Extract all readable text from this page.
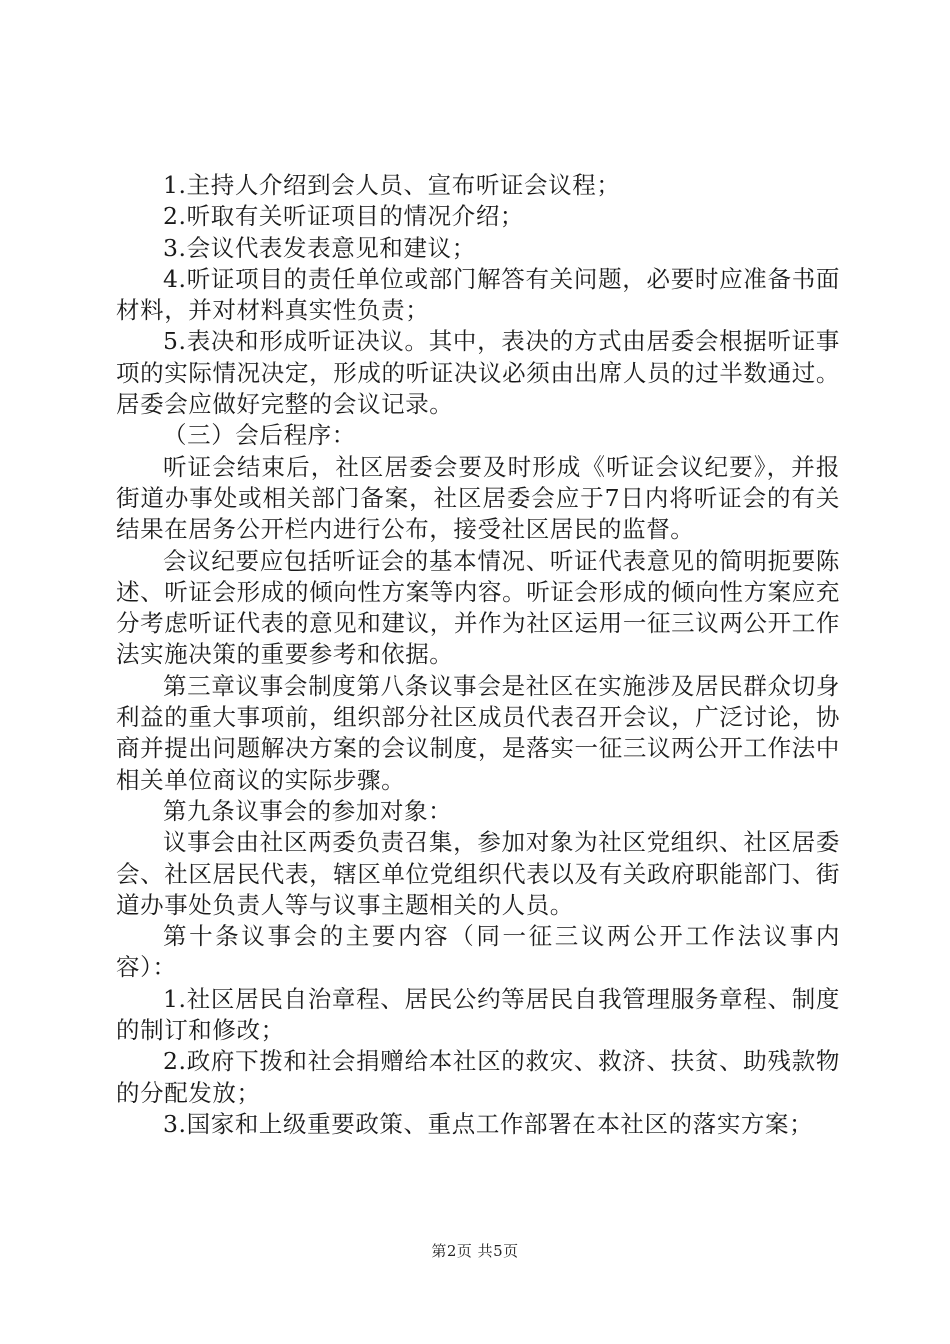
1.主持人介绍到会人员、宣布听证会议程；

2.听取有关听证项目的情况介绍；

3.会议代表发表意见和建议；

4.听证项目的责任单位或部门解答有关问题，必要时应准备书面材料，并对材料真实性负责；

5.表决和形成听证决议。其中，表决的方式由居委会根据听证事项的实际情况决定，形成的听证决议必须由出席人员的过半数通过。居委会应做好完整的会议记录。

（三）会后程序：

听证会结束后，社区居委会要及时形成《听证会议纪要》，并报街道办事处或相关部门备案，社区居委会应于7日内将听证会的有关结果在居务公开栏内进行公布，接受社区居民的监督。

会议纪要应包括听证会的基本情况、听证代表意见的简明扼要陈述、听证会形成的倾向性方案等内容。听证会形成的倾向性方案应充分考虑听证代表的意见和建议，并作为社区运用一征三议两公开工作法实施决策的重要参考和依据。

第三章议事会制度第八条议事会是社区在实施涉及居民群众切身利益的重大事项前，组织部分社区成员代表召开会议，广泛讨论，协商并提出问题解决方案的会议制度，是落实一征三议两公开工作法中相关单位商议的实际步骤。

第九条议事会的参加对象：

议事会由社区两委负责召集，参加对象为社区党组织、社区居委会、社区居民代表，辖区单位党组织代表以及有关政府职能部门、街道办事处负责人等与议事主题相关的人员。

第十条议事会的主要内容（同一征三议两公开工作法议事内容）：

1.社区居民自治章程、居民公约等居民自我管理服务章程、制度的制订和修改；

2.政府下拨和社会捐赠给本社区的救灾、救济、扶贫、助残款物的分配发放；

3.国家和上级重要政策、重点工作部署在本社区的落实方案；

第2页 共5页
